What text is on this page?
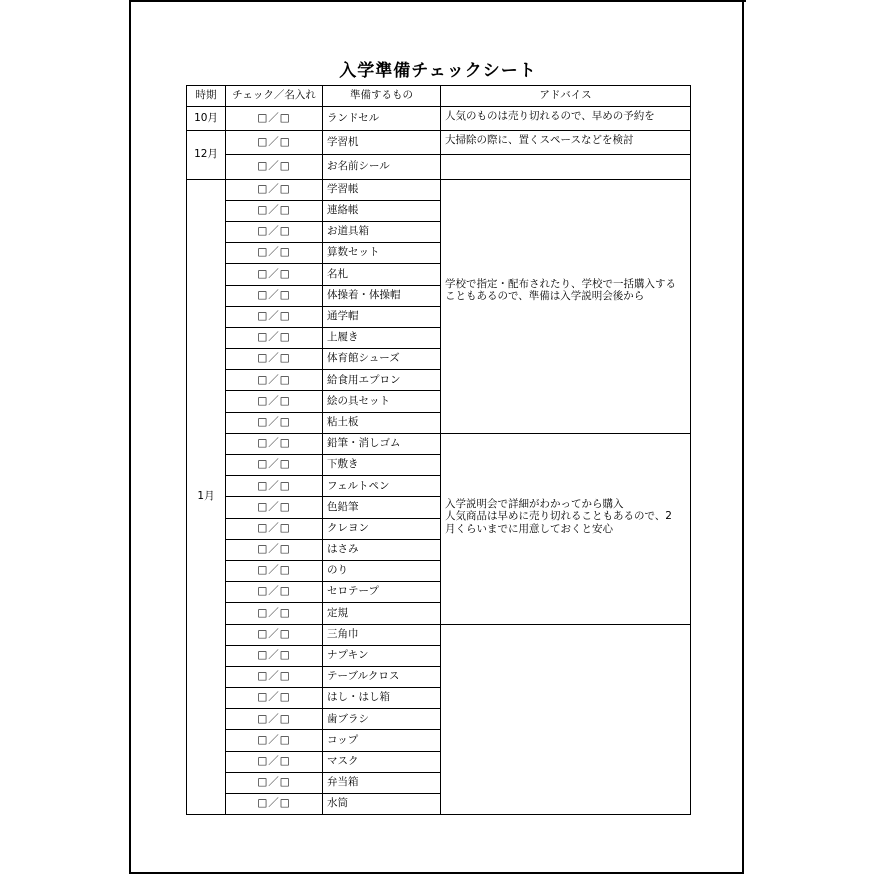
入学準備チェックシート
時期	チェック／名入れ	準備するもの	アドバイス
10月	□／□	ランドセル	人気のものは売り切れるので、早めの予約を
12月	□／□	学習机	大掃除の際に、置くスペースなどを検討
	□／□	お名前シール	
1月	□／□	学習帳	学校で指定・配布されたり、学校で一括購入する
こともあるので、準備は入学説明会後から

	□／□	連絡帳	
	□／□	お道具箱	
	□／□	算数セット	
	□／□	名札	
	□／□	体操着・体操帽	
	□／□	通学帽	
	□／□	上履き	
	□／□	体育館シューズ	
	□／□	給食用エプロン	
	□／□	絵の具セット	
	□／□	粘土板	
	□／□	鉛筆・消しゴム	入学説明会で詳細がわかってから購入
人気商品は早めに売り切れることもあるので、2
月くらいまでに用意しておくと安心

	□／□	下敷き	
	□／□	フェルトペン	
	□／□	色鉛筆	
	□／□	クレヨン	
	□／□	はさみ	
	□／□	のり	
	□／□	セロテープ	
	□／□	定規	
	□／□	三角巾	

	□／□	ナプキン	
	□／□	テーブルクロス	
	□／□	はし・はし箱	
	□／□	歯ブラシ	
	□／□	コップ	
	□／□	マスク	
	□／□	弁当箱	
	□／□	水筒	
